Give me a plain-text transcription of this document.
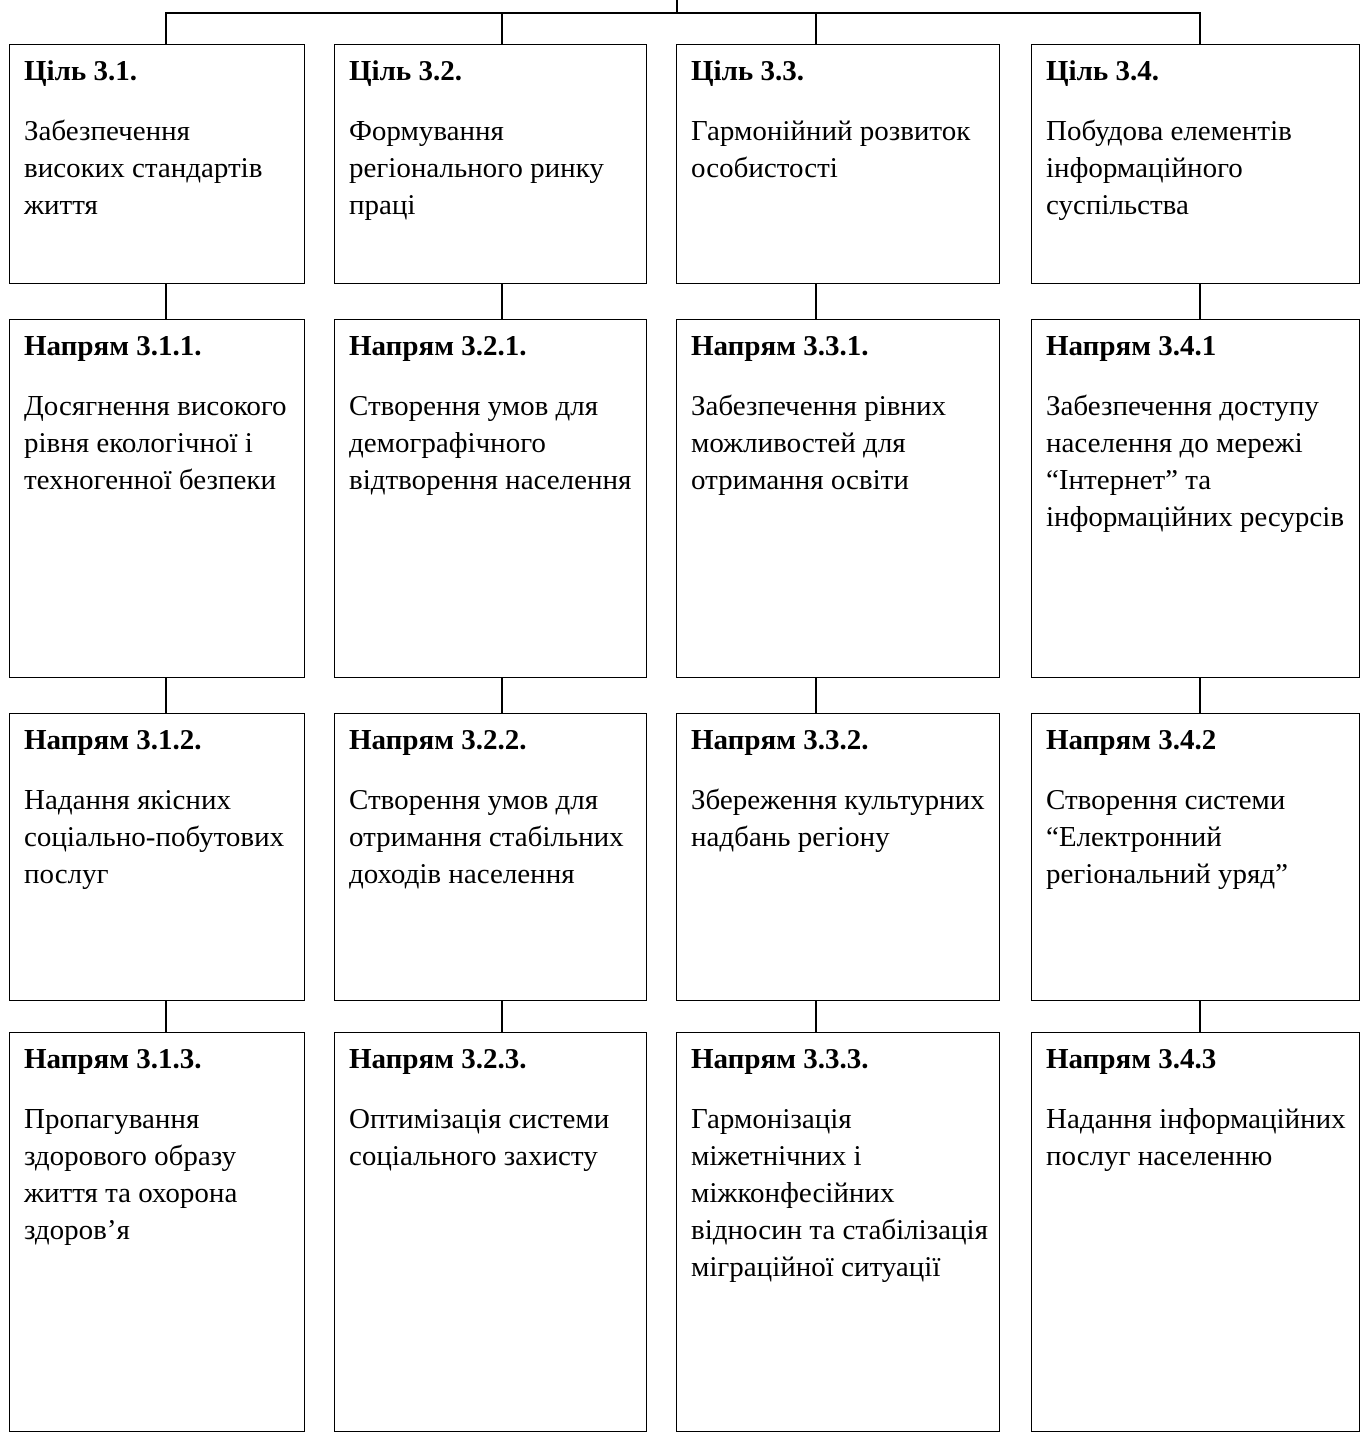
Ціль 3.1.

Забезпечення високих стандартів життя

Ціль 3.2.

Формування регіонального ринку праці

Ціль 3.3.

Гармонійний розвиток особистості

Ціль 3.4.

Побудова елементів інформаційного суспільства

Напрям 3.1.1.

Досягнення високого рівня екологічної і техногенної безпеки

Напрям 3.2.1.

Створення умов для демографічного відтворення населення

Напрям 3.3.1.

Забезпечення рівних можливостей для отримання освіти

Напрям 3.4.1

Забезпечення доступу населення до мережі “Інтернет” та інформаційних ресурсів

Напрям 3.1.2.

Надання якісних соціально-побутових послуг

Напрям 3.2.2.

Створення умов для отримання стабільних доходів населення

Напрям 3.3.2.

Збереження культурних надбань регіону

Напрям 3.4.2

Створення системи “Електронний регіональний уряд”

Напрям 3.1.3.

Пропагування здорового образу життя та охорона здоров’я

Напрям 3.2.3.

Оптимізація системи соціального захисту

Напрям 3.3.3.

Гармонізація міжетнічних і міжконфесійних відносин та стабілізація міграційної ситуації

Напрям 3.4.3

Надання інформаційних послуг населенню
